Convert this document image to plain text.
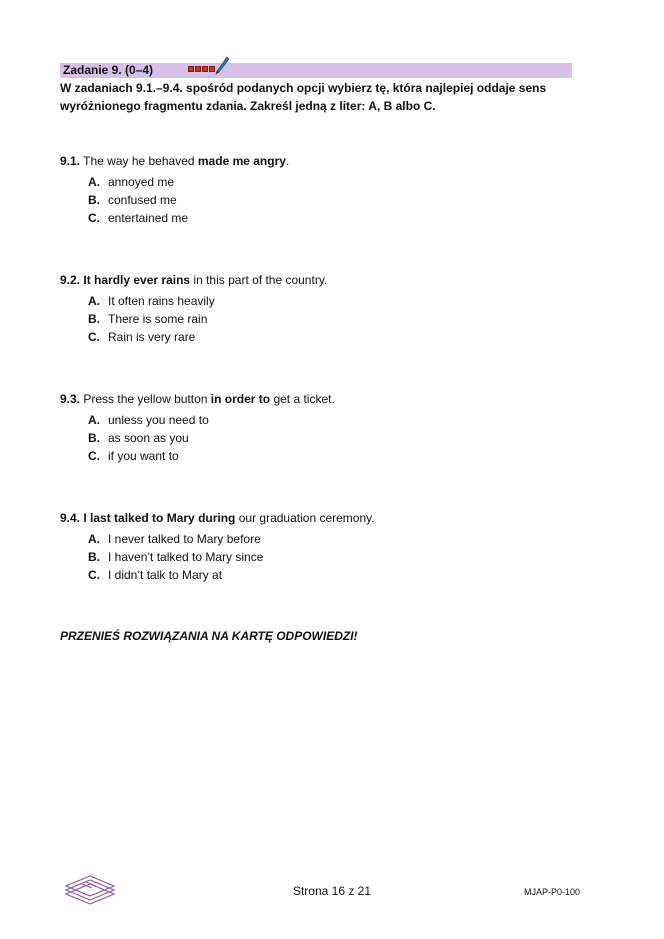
Zadanie 9. (0–4)
W zadaniach 9.1.–9.4. spośród podanych opcji wybierz tę, która najlepiej oddaje sens
wyróżnionego fragmentu zdania. Zakreśl jedną z liter: A, B albo C.
9.1. The way he behaved made me angry.
A. annoyed me
B. confused me
C. entertained me
9.2. It hardly ever rains in this part of the country.
A. It often rains heavily
B. There is some rain
C. Rain is very rare
9.3. Press the yellow button in order to get a ticket.
A. unless you need to
B. as soon as you
C. if you want to
9.4. I last talked to Mary during our graduation ceremony.
A. I never talked to Mary before
B. I haven’t talked to Mary since
C. I didn’t talk to Mary at
PRZENIEŚ ROZWIĄZANIA NA KARTĘ ODPOWIEDZI!
Strona 16 z 21	MJAP-P0-100
